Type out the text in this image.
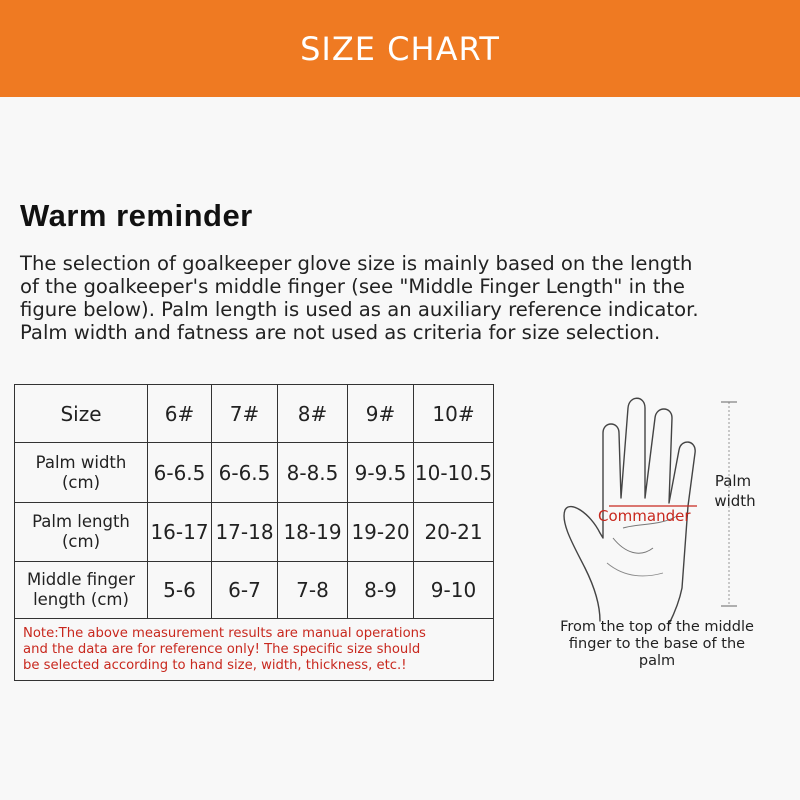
SIZE CHART
Warm reminder
The selection of goalkeeper glove size is mainly based on the length
of the goalkeeper's middle finger (see "Middle Finger Length" in the
figure below). Palm length is used as an auxiliary reference indicator.
Palm width and fatness are not used as criteria for size selection.
Size	6#	7#	8#	9#	10#

Palm width
(cm)	6-6.5	6-6.5	8-8.5	9-9.5	10-10.5

Palm length
(cm)	16-17	17-18	18-19	19-20	20-21

Middle finger
length (cm)	5-6	6-7	7-8	8-9	9-10

Note:The above measurement results are manual operations
and the data are for reference only! The specific size should
be selected according to hand size, width, thickness, etc.!					
Palm
width
Commander
From the top of the middle
finger to the base of the
palm
